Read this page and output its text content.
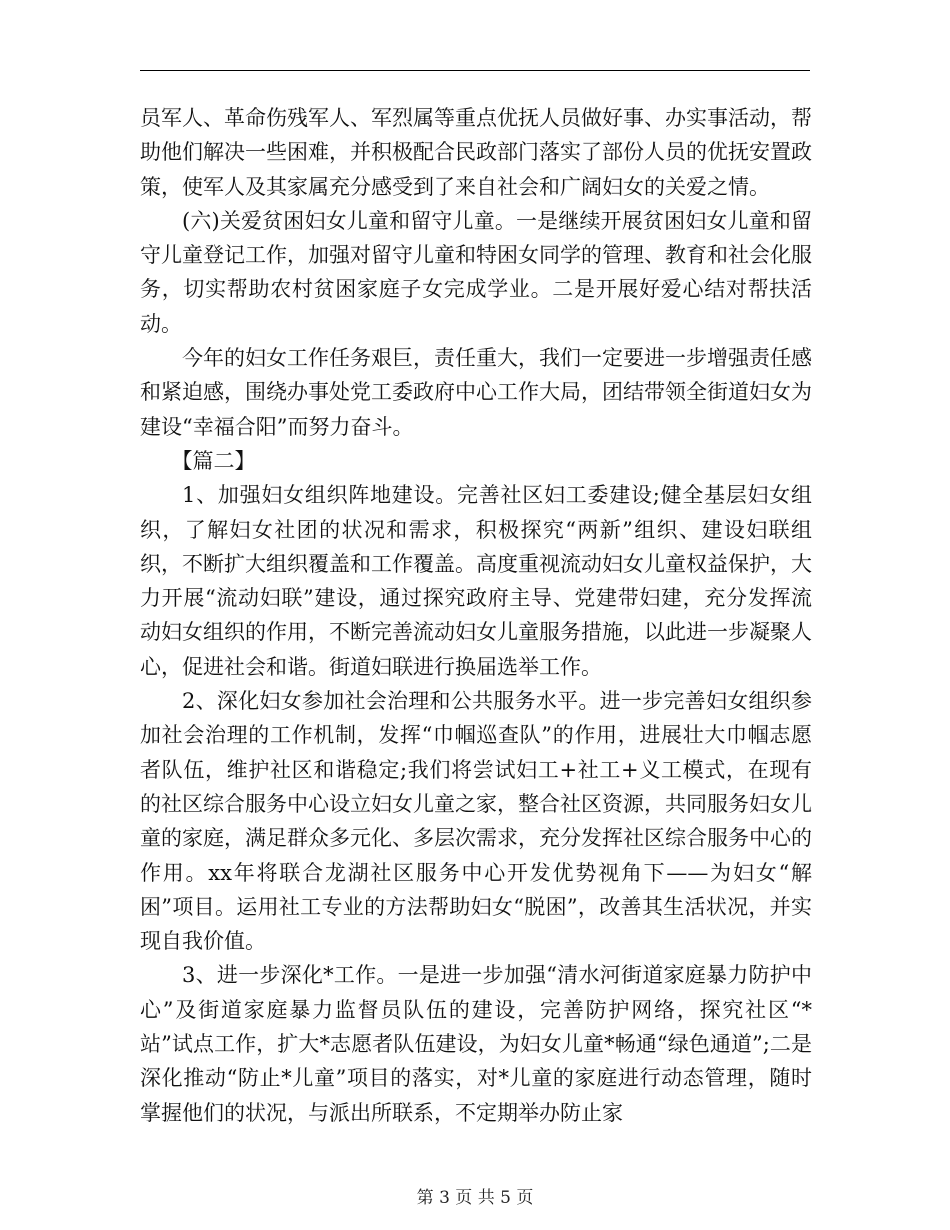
员军人、革命伤残军人、军烈属等重点优抚人员做好事、办实事活动，帮助他们解决一些困难，并积极配合民政部门落实了部份人员的优抚安置政策，使军人及其家属充分感受到了来自社会和广阔妇女的关爱之情。

(六)关爱贫困妇女儿童和留守儿童。一是继续开展贫困妇女儿童和留守儿童登记工作，加强对留守儿童和特困女同学的管理、教育和社会化服务，切实帮助农村贫困家庭子女完成学业。二是开展好爱心结对帮扶活动。

今年的妇女工作任务艰巨，责任重大，我们一定要进一步增强责任感和紧迫感，围绕办事处党工委政府中心工作大局，团结带领全街道妇女为建设“幸福合阳”而努力奋斗。

【篇二】

1、加强妇女组织阵地建设。完善社区妇工委建设;健全基层妇女组织，了解妇女社团的状况和需求，积极探究“两新”组织、建设妇联组织，不断扩大组织覆盖和工作覆盖。高度重视流动妇女儿童权益保护，大力开展“流动妇联”建设，通过探究政府主导、党建带妇建，充分发挥流动妇女组织的作用，不断完善流动妇女儿童服务措施，以此进一步凝聚人心，促进社会和谐。街道妇联进行换届选举工作。

2、深化妇女参加社会治理和公共服务水平。进一步完善妇女组织参加社会治理的工作机制，发挥“巾帼巡查队”的作用，进展壮大巾帼志愿者队伍，维护社区和谐稳定;我们将尝试妇工+社工+义工模式，在现有的社区综合服务中心设立妇女儿童之家，整合社区资源，共同服务妇女儿童的家庭，满足群众多元化、多层次需求，充分发挥社区综合服务中心的作用。xx年将联合龙湖社区服务中心开发优势视角下——为妇女“解困”项目。运用社工专业的方法帮助妇女“脱困”，改善其生活状况，并实现自我价值。

3、进一步深化*工作。一是进一步加强“清水河街道家庭暴力防护中心”及街道家庭暴力监督员队伍的建设，完善防护网络，探究社区“*站”试点工作，扩大*志愿者队伍建设，为妇女儿童*畅通“绿色通道”;二是深化推动“防止*儿童”项目的落实，对*儿童的家庭进行动态管理，随时掌握他们的状况，与派出所联系，不定期举办防止家

第 3 页 共 5 页
